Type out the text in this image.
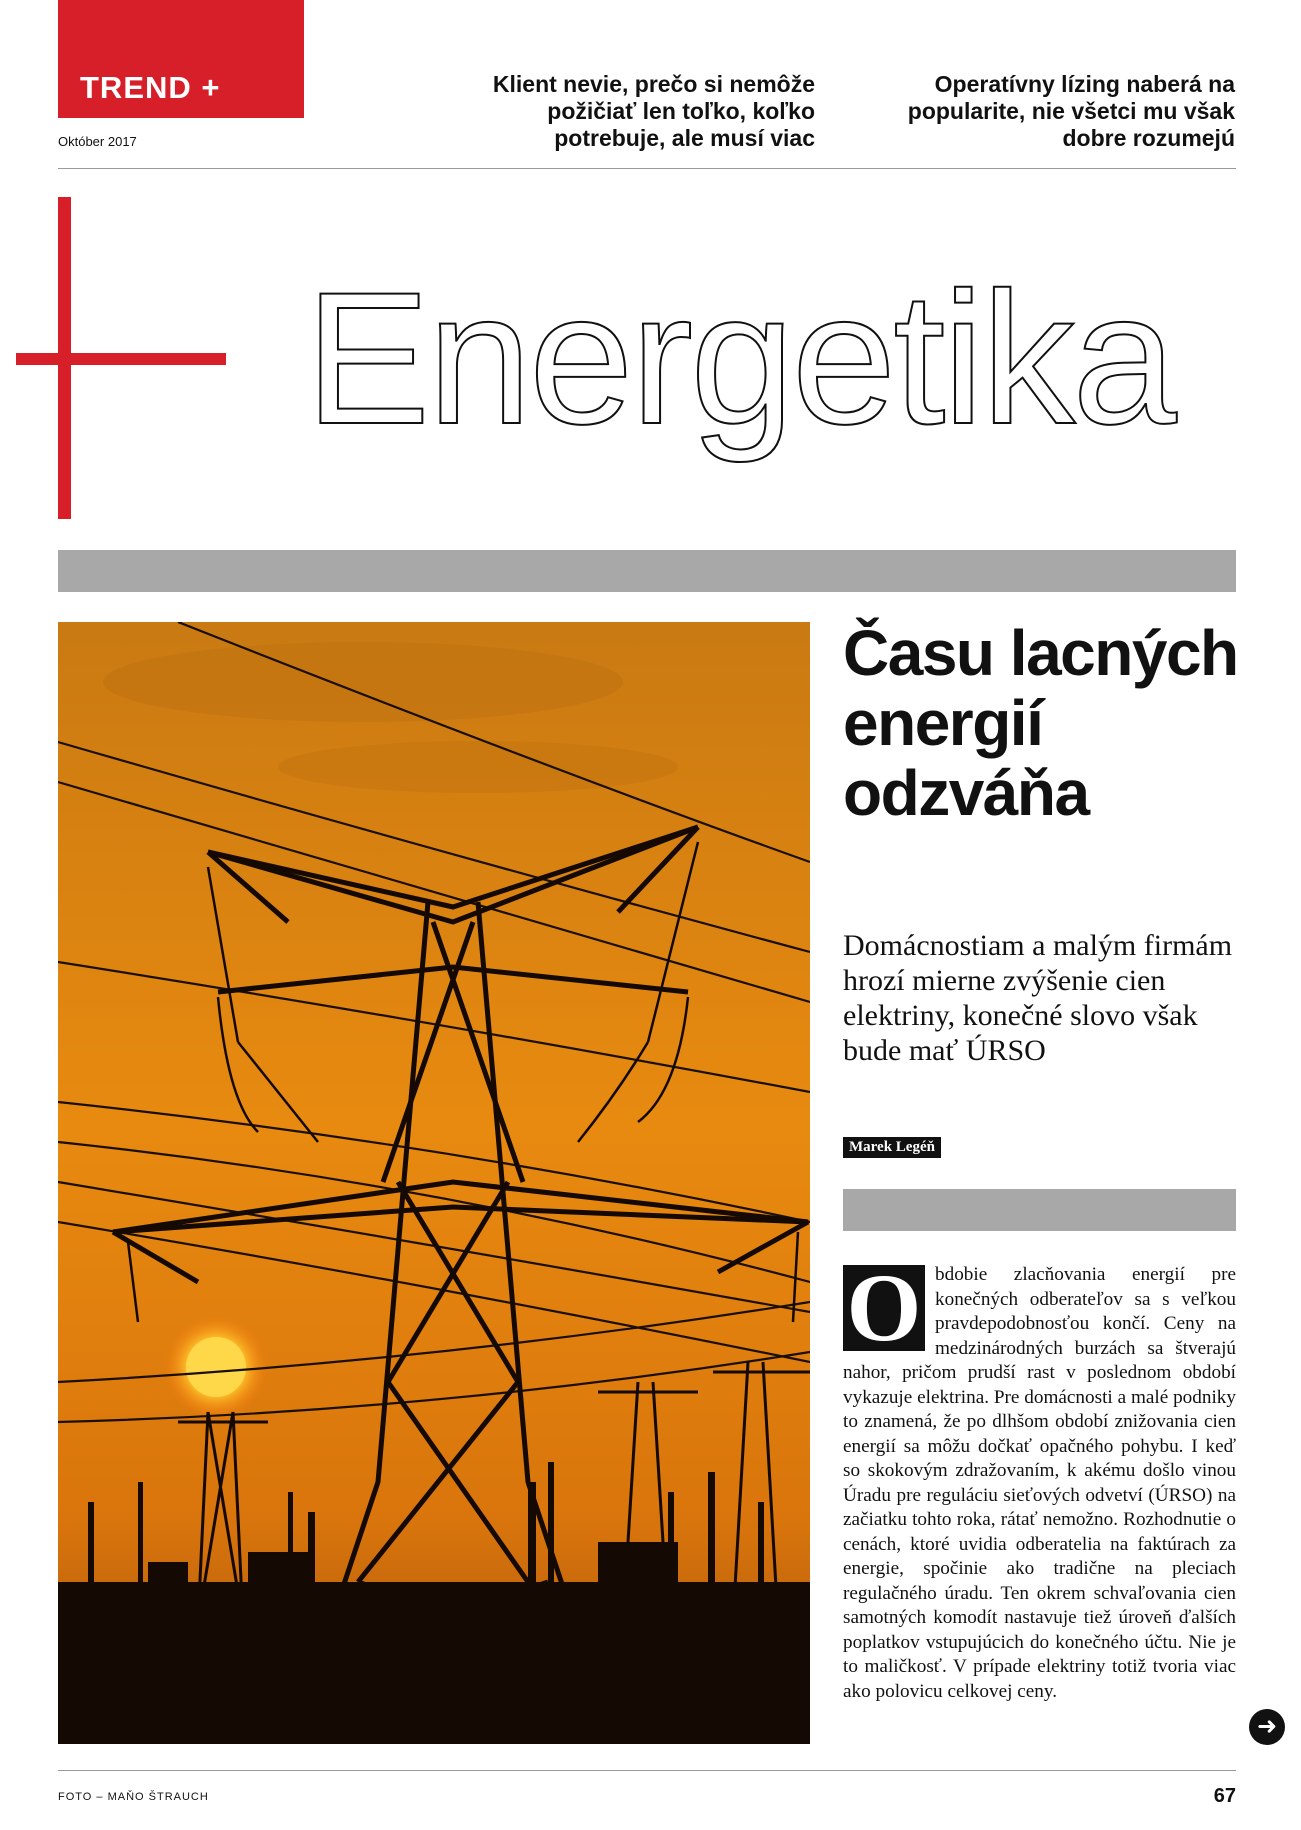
TREND +
Október 2017
Klient nevie, prečo si nemôže požičiať len toľko, koľko potrebuje, ale musí viac
Operatívny lízing naberá na popularite, nie všetci mu však dobre rozumejú
Energetika
Času lacných energií odzváňa
Domácnostiam a malým firmám hrozí mierne zvýšenie cien elektriny, konečné slovo však bude mať ÚRSO
Marek Legéň
bdobie zlacňovania energií pre konečných odberateľov sa s veľkou pravdepodobnosťou končí. Ceny na medzinárodných burzách sa štverajú nahor, pričom prudší rast v poslednom období vykazuje elektrina. Pre domácnosti a malé podniky to znamená, že po dlhšom období znižovania cien energií sa môžu dočkať opačného pohybu. I keď so skokovým zdražovaním, k akému došlo vinou Úradu pre reguláciu sieťových odvetví (ÚRSO) na začiatku tohto roka, rátať nemožno. Rozhodnutie o cenách, ktoré uvidia odberatelia na faktúrach za energie, spočinie ako tradične na pleciach regulačného úradu. Ten okrem schvaľovania cien samotných komodít nastavuje tiež úroveň ďalších poplatkov vstupujúcich do konečného účtu. Nie je to maličkosť. V prípade elektriny totiž tvoria viac ako polovicu celkovej ceny.
O
➜
FOTO – MAŇO ŠTRAUCH	67
